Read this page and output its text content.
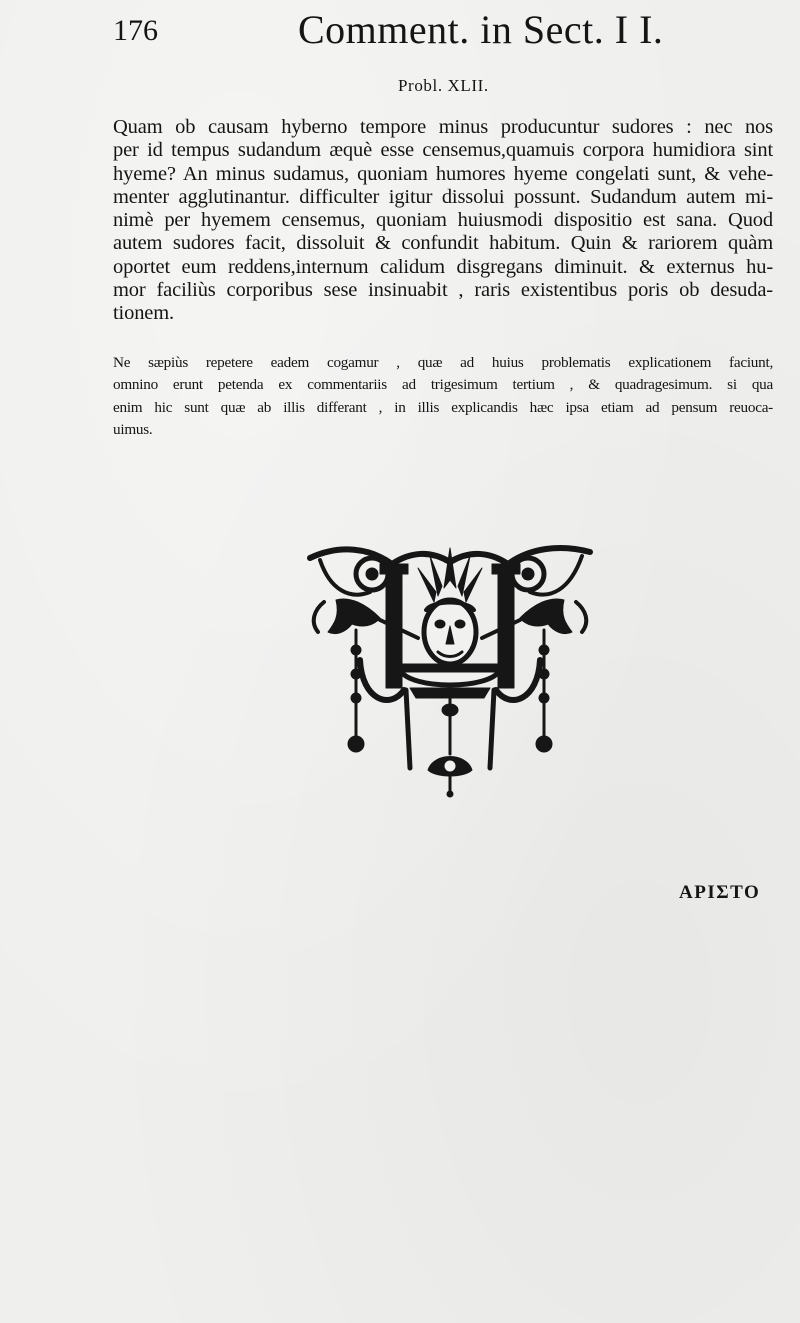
176	Comment. in Sect. I I.
Probl. XLII.
Quam ob causam hyberno tempore minus producuntur sudores : nec nos
per id tempus sudandum æquè esse censemus,quamuis corpora humidiora sint
hyeme? An minus sudamus, quoniam humores hyeme congelati sunt, & vehe-
menter agglutinantur. difficulter igitur dissolui possunt. Sudandum autem mi-
nimè per hyemem censemus, quoniam huiusmodi dispositio est sana. Quod
autem sudores facit, dissoluit & confundit habitum. Quin & rariorem quàm
oportet eum reddens,internum calidum disgregans diminuit. & externus hu-
mor faciliùs corporibus sese insinuabit , raris existentibus poris ob desuda-
tionem.
Ne sæpiùs repetere eadem cogamur , quæ ad huius problematis explicationem faciunt,
omnino erunt petenda ex commentariis ad trigesimum tertium , & quadragesimum. si qua
enim hic sunt quæ ab illis differant , in illis explicandis hæc ipsa etiam ad pensum reuoca-
uimus.
ΑΡΙΣΤΟ
